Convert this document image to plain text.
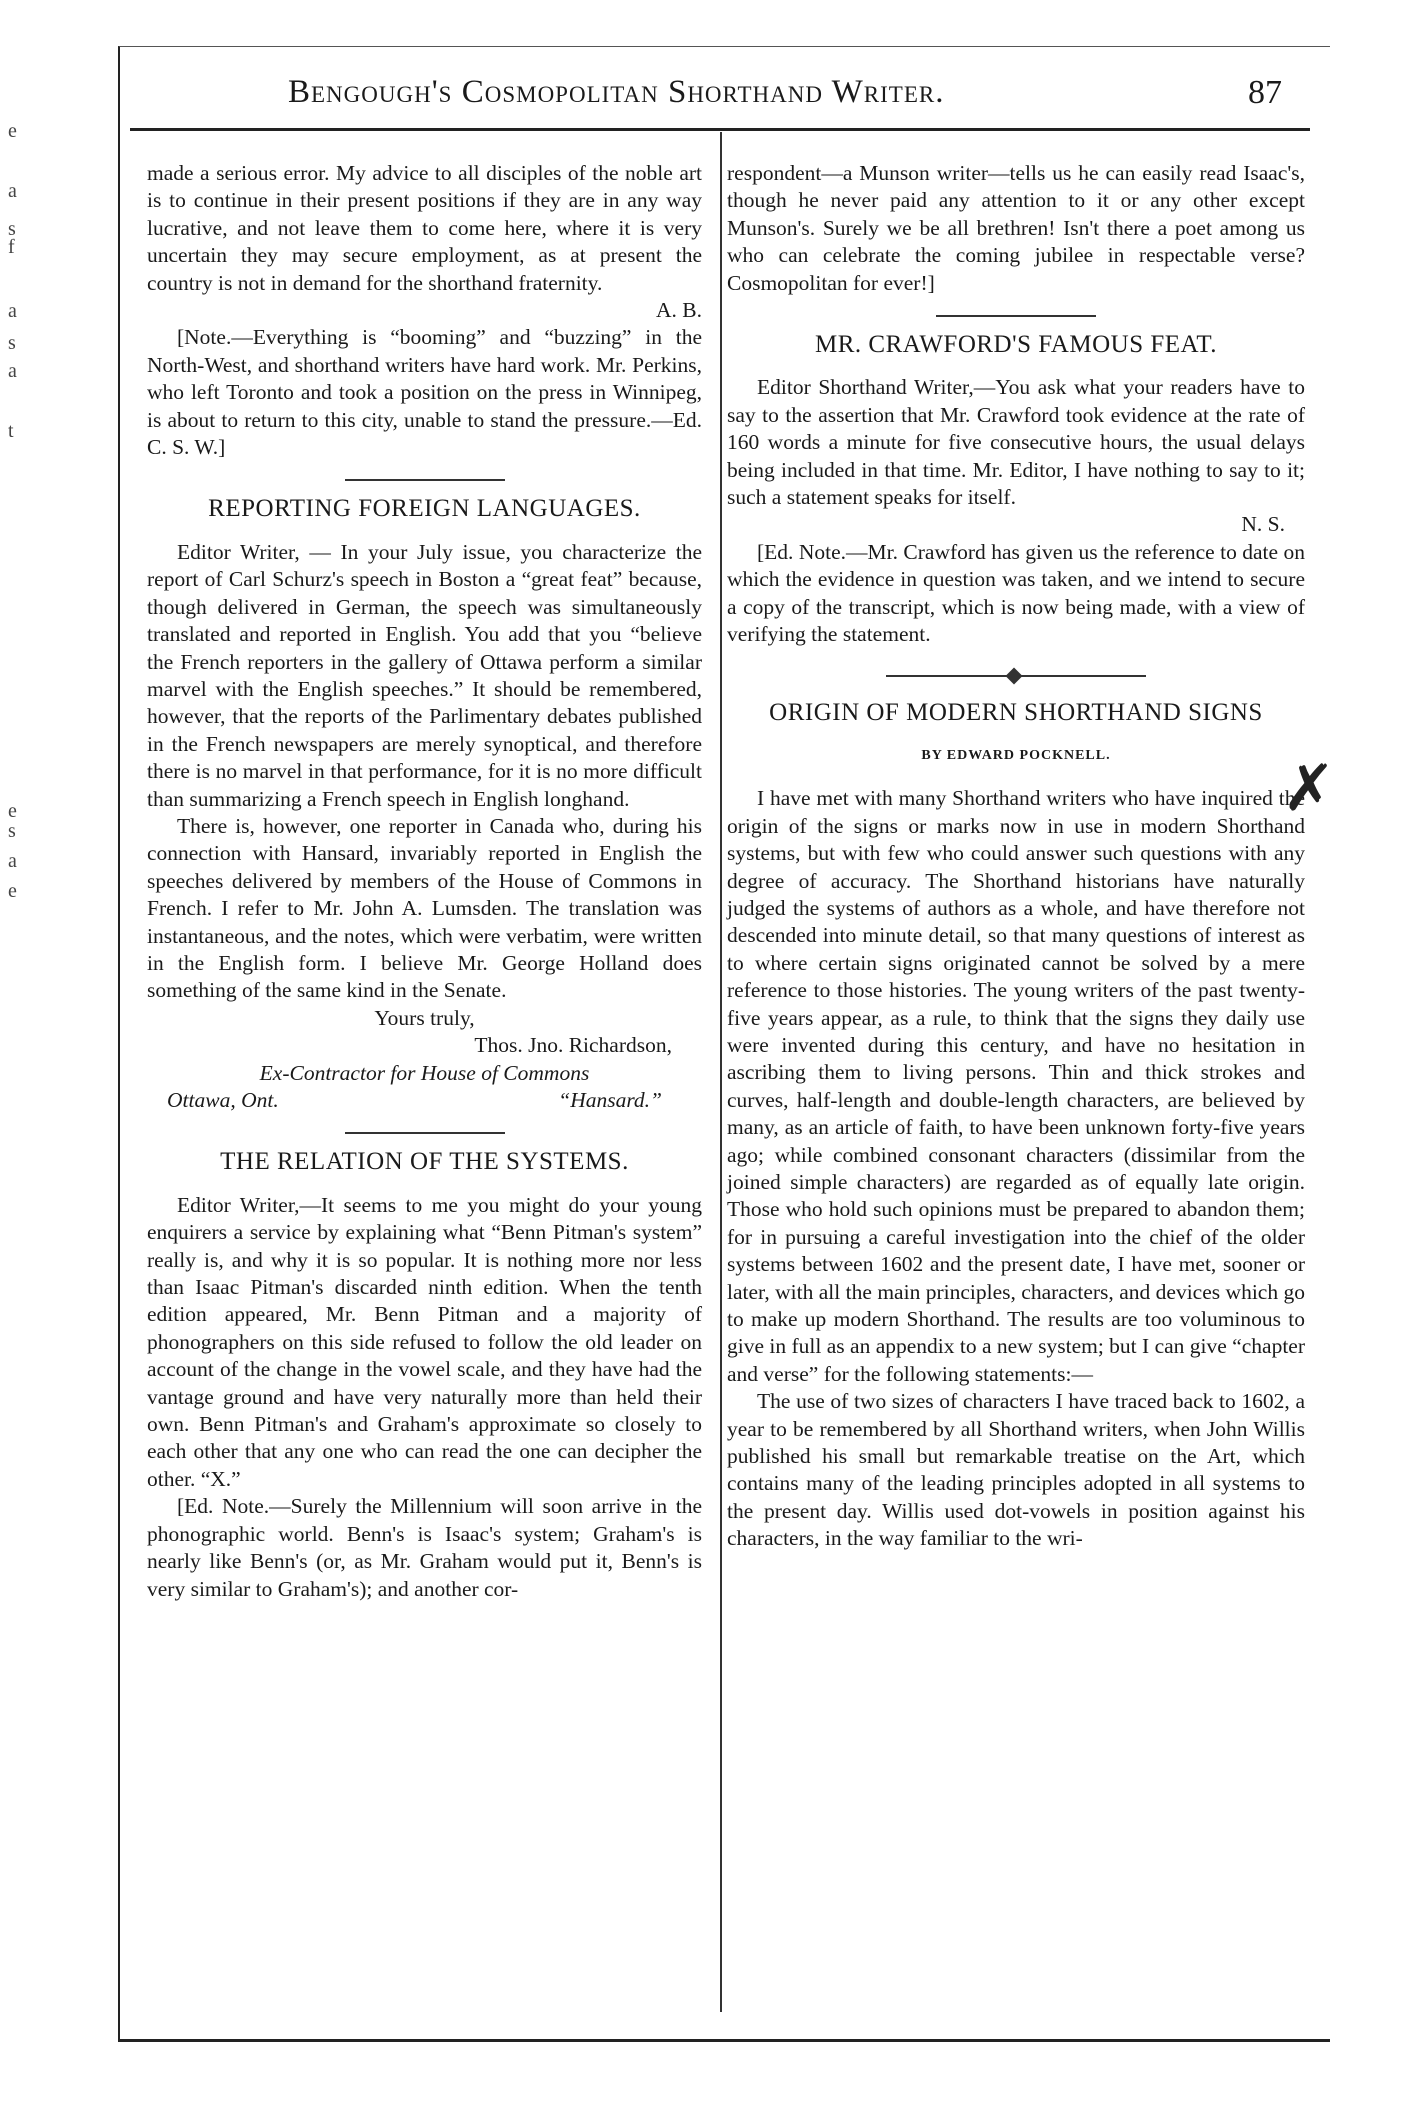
e
a
s
f
a
s
a
t
e
s
a
e
Bengough's Cosmopolitan Shorthand Writer.	87

made a serious error. My advice to all disciples of the noble art is to continue in their present positions if they are in any way lucrative, and not leave them to come here, where it is very uncertain they may secure employment, as at present the country is not in demand for the shorthand fraternity.

A. B.

[Note.—Everything is “booming” and “buzzing” in the North-West, and shorthand writers have hard work. Mr. Perkins, who left Toronto and took a position on the press in Winnipeg, is about to return to this city, unable to stand the pressure.—Ed. C. S. W.]

REPORTING FOREIGN LANGUAGES.

Editor Writer, — In your July issue, you characterize the report of Carl Schurz's speech in Boston a “great feat” because, though delivered in German, the speech was simultaneously translated and reported in English. You add that you “believe the French reporters in the gallery of Ottawa perform a similar marvel with the English speeches.” It should be remembered, however, that the reports of the Parlimentary debates published in the French newspapers are merely synoptical, and therefore there is no marvel in that performance, for it is no more difficult than summarizing a French speech in English longhand.

There is, however, one reporter in Canada who, during his connection with Hansard, invariably reported in English the speeches delivered by members of the House of Commons in French. I refer to Mr. John A. Lumsden. The translation was instantaneous, and the notes, which were verbatim, were written in the English form. I believe Mr. George Holland does something of the same kind in the Senate.

Yours truly,
Thos. Jno. Richardson,
Ex-Contractor for House of Commons
Ottawa, Ont.	“Hansard.”
THE RELATION OF THE SYSTEMS.

Editor Writer,—It seems to me you might do your young enquirers a service by explaining what “Benn Pitman's system” really is, and why it is so popular. It is nothing more nor less than Isaac Pitman's discarded ninth edition. When the tenth edition appeared, Mr. Benn Pitman and a majority of phonographers on this side refused to follow the old leader on account of the change in the vowel scale, and they have had the vantage ground and have very naturally more than held their own. Benn Pitman's and Graham's approximate so closely to each other that any one who can read the one can decipher the other. “X.”

[Ed. Note.—Surely the Millennium will soon arrive in the phonographic world. Benn's is Isaac's system; Graham's is nearly like Benn's (or, as Mr. Graham would put it, Benn's is very similar to Graham's); and another cor-

respondent—a Munson writer—tells us he can easily read Isaac's, though he never paid any attention to it or any other except Munson's. Surely we be all brethren! Isn't there a poet among us who can celebrate the coming jubilee in respectable verse? Cosmopolitan for ever!]

MR. CRAWFORD'S FAMOUS FEAT.

Editor Shorthand Writer,—You ask what your readers have to say to the assertion that Mr. Crawford took evidence at the rate of 160 words a minute for five consecutive hours, the usual delays being included in that time. Mr. Editor, I have nothing to say to it; such a statement speaks for itself.

N. S.

[Ed. Note.—Mr. Crawford has given us the reference to date on which the evidence in question was taken, and we intend to secure a copy of the transcript, which is now being made, with a view of verifying the statement.

ORIGIN OF MODERN SHORTHAND SIGNS
BY EDWARD POCKNELL.

I have met with many Shorthand writers who have inquired the origin of the signs or marks now in use in modern Shorthand systems, but with few who could answer such questions with any degree of accuracy. The Shorthand historians have naturally judged the systems of authors as a whole, and have therefore not descended into minute detail, so that many questions of interest as to where certain signs originated cannot be solved by a mere reference to those histories. The young writers of the past twenty-five years appear, as a rule, to think that the signs they daily use were invented during this century, and have no hesitation in ascribing them to living persons. Thin and thick strokes and curves, half-length and double-length characters, are believed by many, as an article of faith, to have been unknown forty-five years ago; while combined consonant characters (dissimilar from the joined simple characters) are regarded as of equally late origin. Those who hold such opinions must be prepared to abandon them; for in pursuing a careful investigation into the chief of the older systems between 1602 and the present date, I have met, sooner or later, with all the main principles, characters, and devices which go to make up modern Shorthand. The results are too voluminous to give in full as an appendix to a new system; but I can give “chapter and verse” for the following statements:—

The use of two sizes of characters I have traced back to 1602, a year to be remembered by all Shorthand writers, when John Willis published his small but remarkable treatise on the Art, which contains many of the leading principles adopted in all systems to the present day. Willis used dot-vowels in position against his characters, in the way familiar to the wri-

✗
